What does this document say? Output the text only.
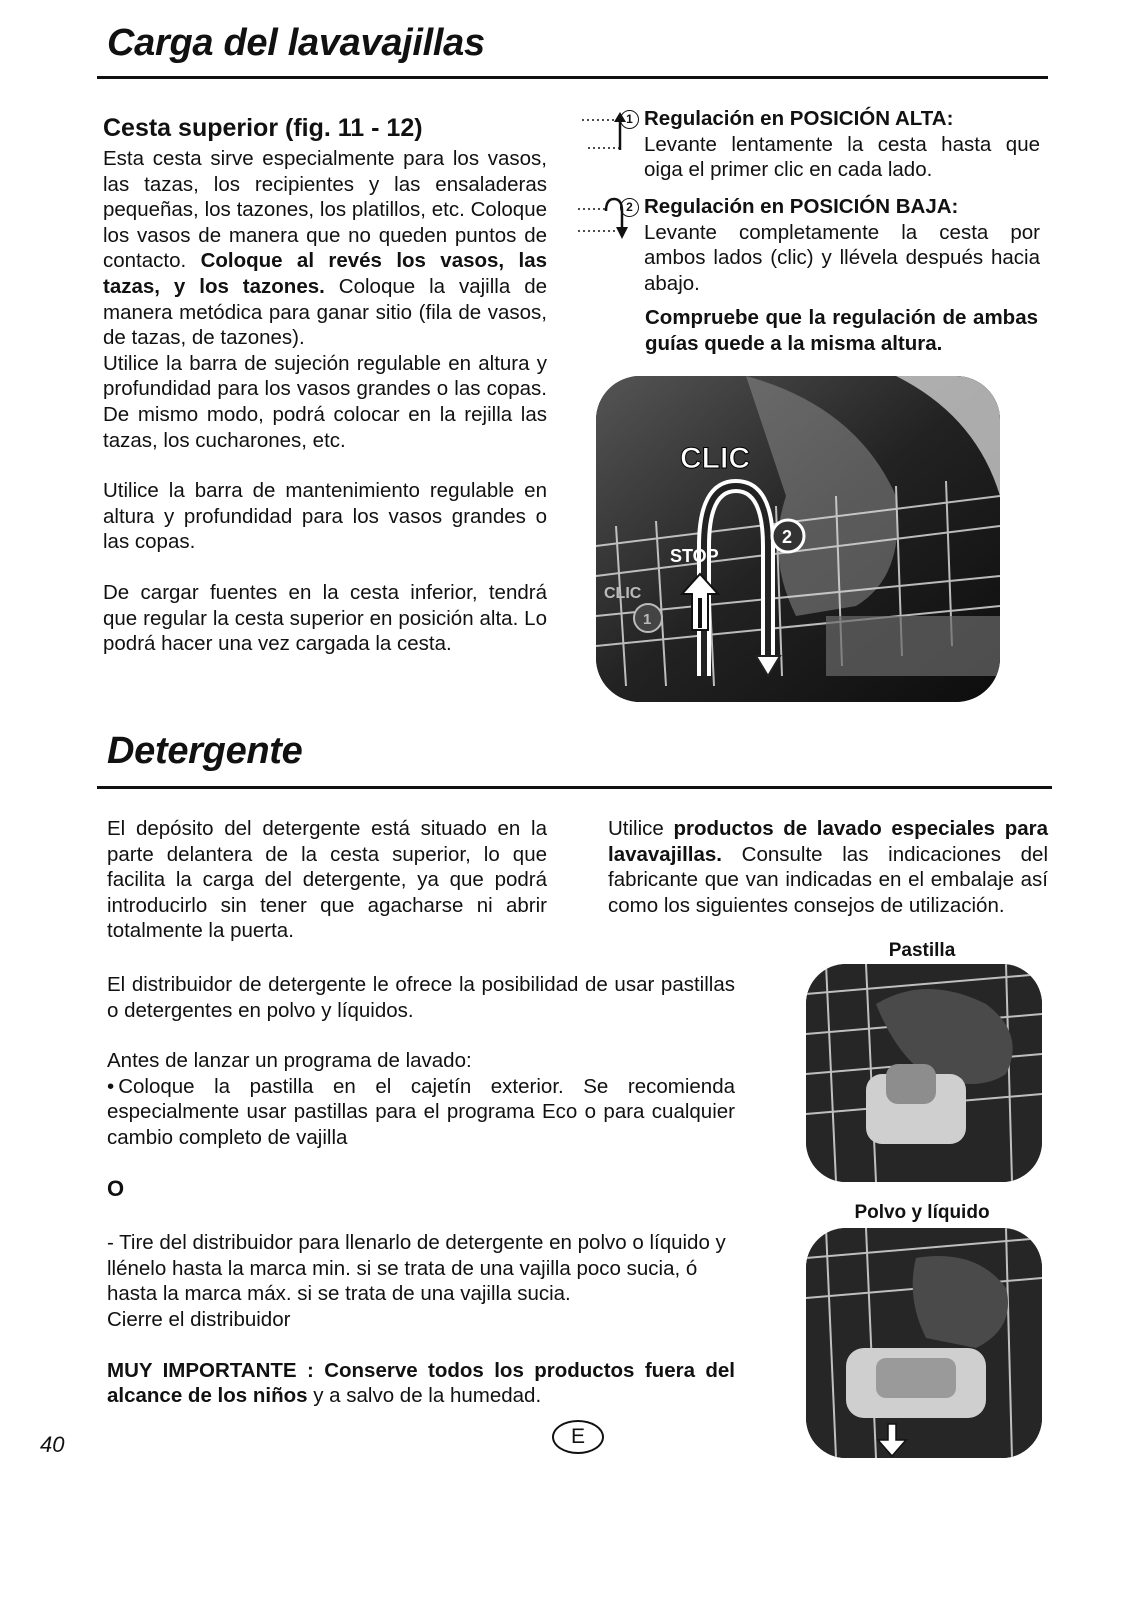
Carga del lavavajillas
Cesta superior (fig. 11 - 12)

Esta cesta sirve especialmente para los vasos, las tazas, los recipientes y las ensaladeras pequeñas, los tazones, los platillos, etc. Coloque los vasos de manera que no queden puntos de contacto. Coloque al revés los vasos, las tazas, y los tazones. Coloque la vajilla de manera metódica para ganar sitio (fila de vasos, de tazas, de tazones).

Utilice la barra de sujeción regulable en altura y profundidad para los vasos grandes o las copas. De mismo modo, podrá colocar en la rejilla las tazas, los cucharones, etc.

Utilice la barra de mantenimiento regulable en altura y profundidad para los vasos grandes o las copas.

De cargar fuentes en la cesta inferior, tendrá que regular la cesta superior en posición alta. Lo podrá hacer una vez cargada la cesta.

1 Regulación en POSICIÓN ALTA:
Levante lentamente la cesta hasta que oiga el primer clic en cada lado.
2 Regulación en POSICIÓN BAJA:
Levante completamente la cesta por ambos lados (clic) y llévela después hacia abajo.
Compruebe que la regulación de ambas guías quede a la misma altura.
CLIC
STOP
CLIC
2
1
Detergente
El depósito del detergente está situado en la parte delantera de la cesta superior, lo que facilita la carga del detergente, ya que podrá introducirlo sin tener que agacharse ni abrir totalmente la puerta.
Utilice productos de lavado especiales para lavavajillas. Consulte las indicaciones del fabricante que van indicadas en el embalaje así como los siguientes consejos de utilización.

El distribuidor de detergente le ofrece la posibilidad de usar pastillas o detergentes en polvo y líquidos.

Antes de lanzar un programa de lavado:

• Coloque la pastilla en el cajetín exterior. Se recomienda especialmente usar pastillas para el programa Eco o para cualquier cambio completo de vajilla

O

- Tire del distribuidor para llenarlo de detergente en polvo o líquido y llénelo hasta la marca min. si se trata de una vajilla poco sucia, ó hasta la marca máx. si se trata de una vajilla sucia.

Cierre el distribuidor

MUY IMPORTANTE : Conserve todos los productos fuera del alcance de los niños y a salvo de la humedad.

Pastilla
Polvo y líquido
40	E
